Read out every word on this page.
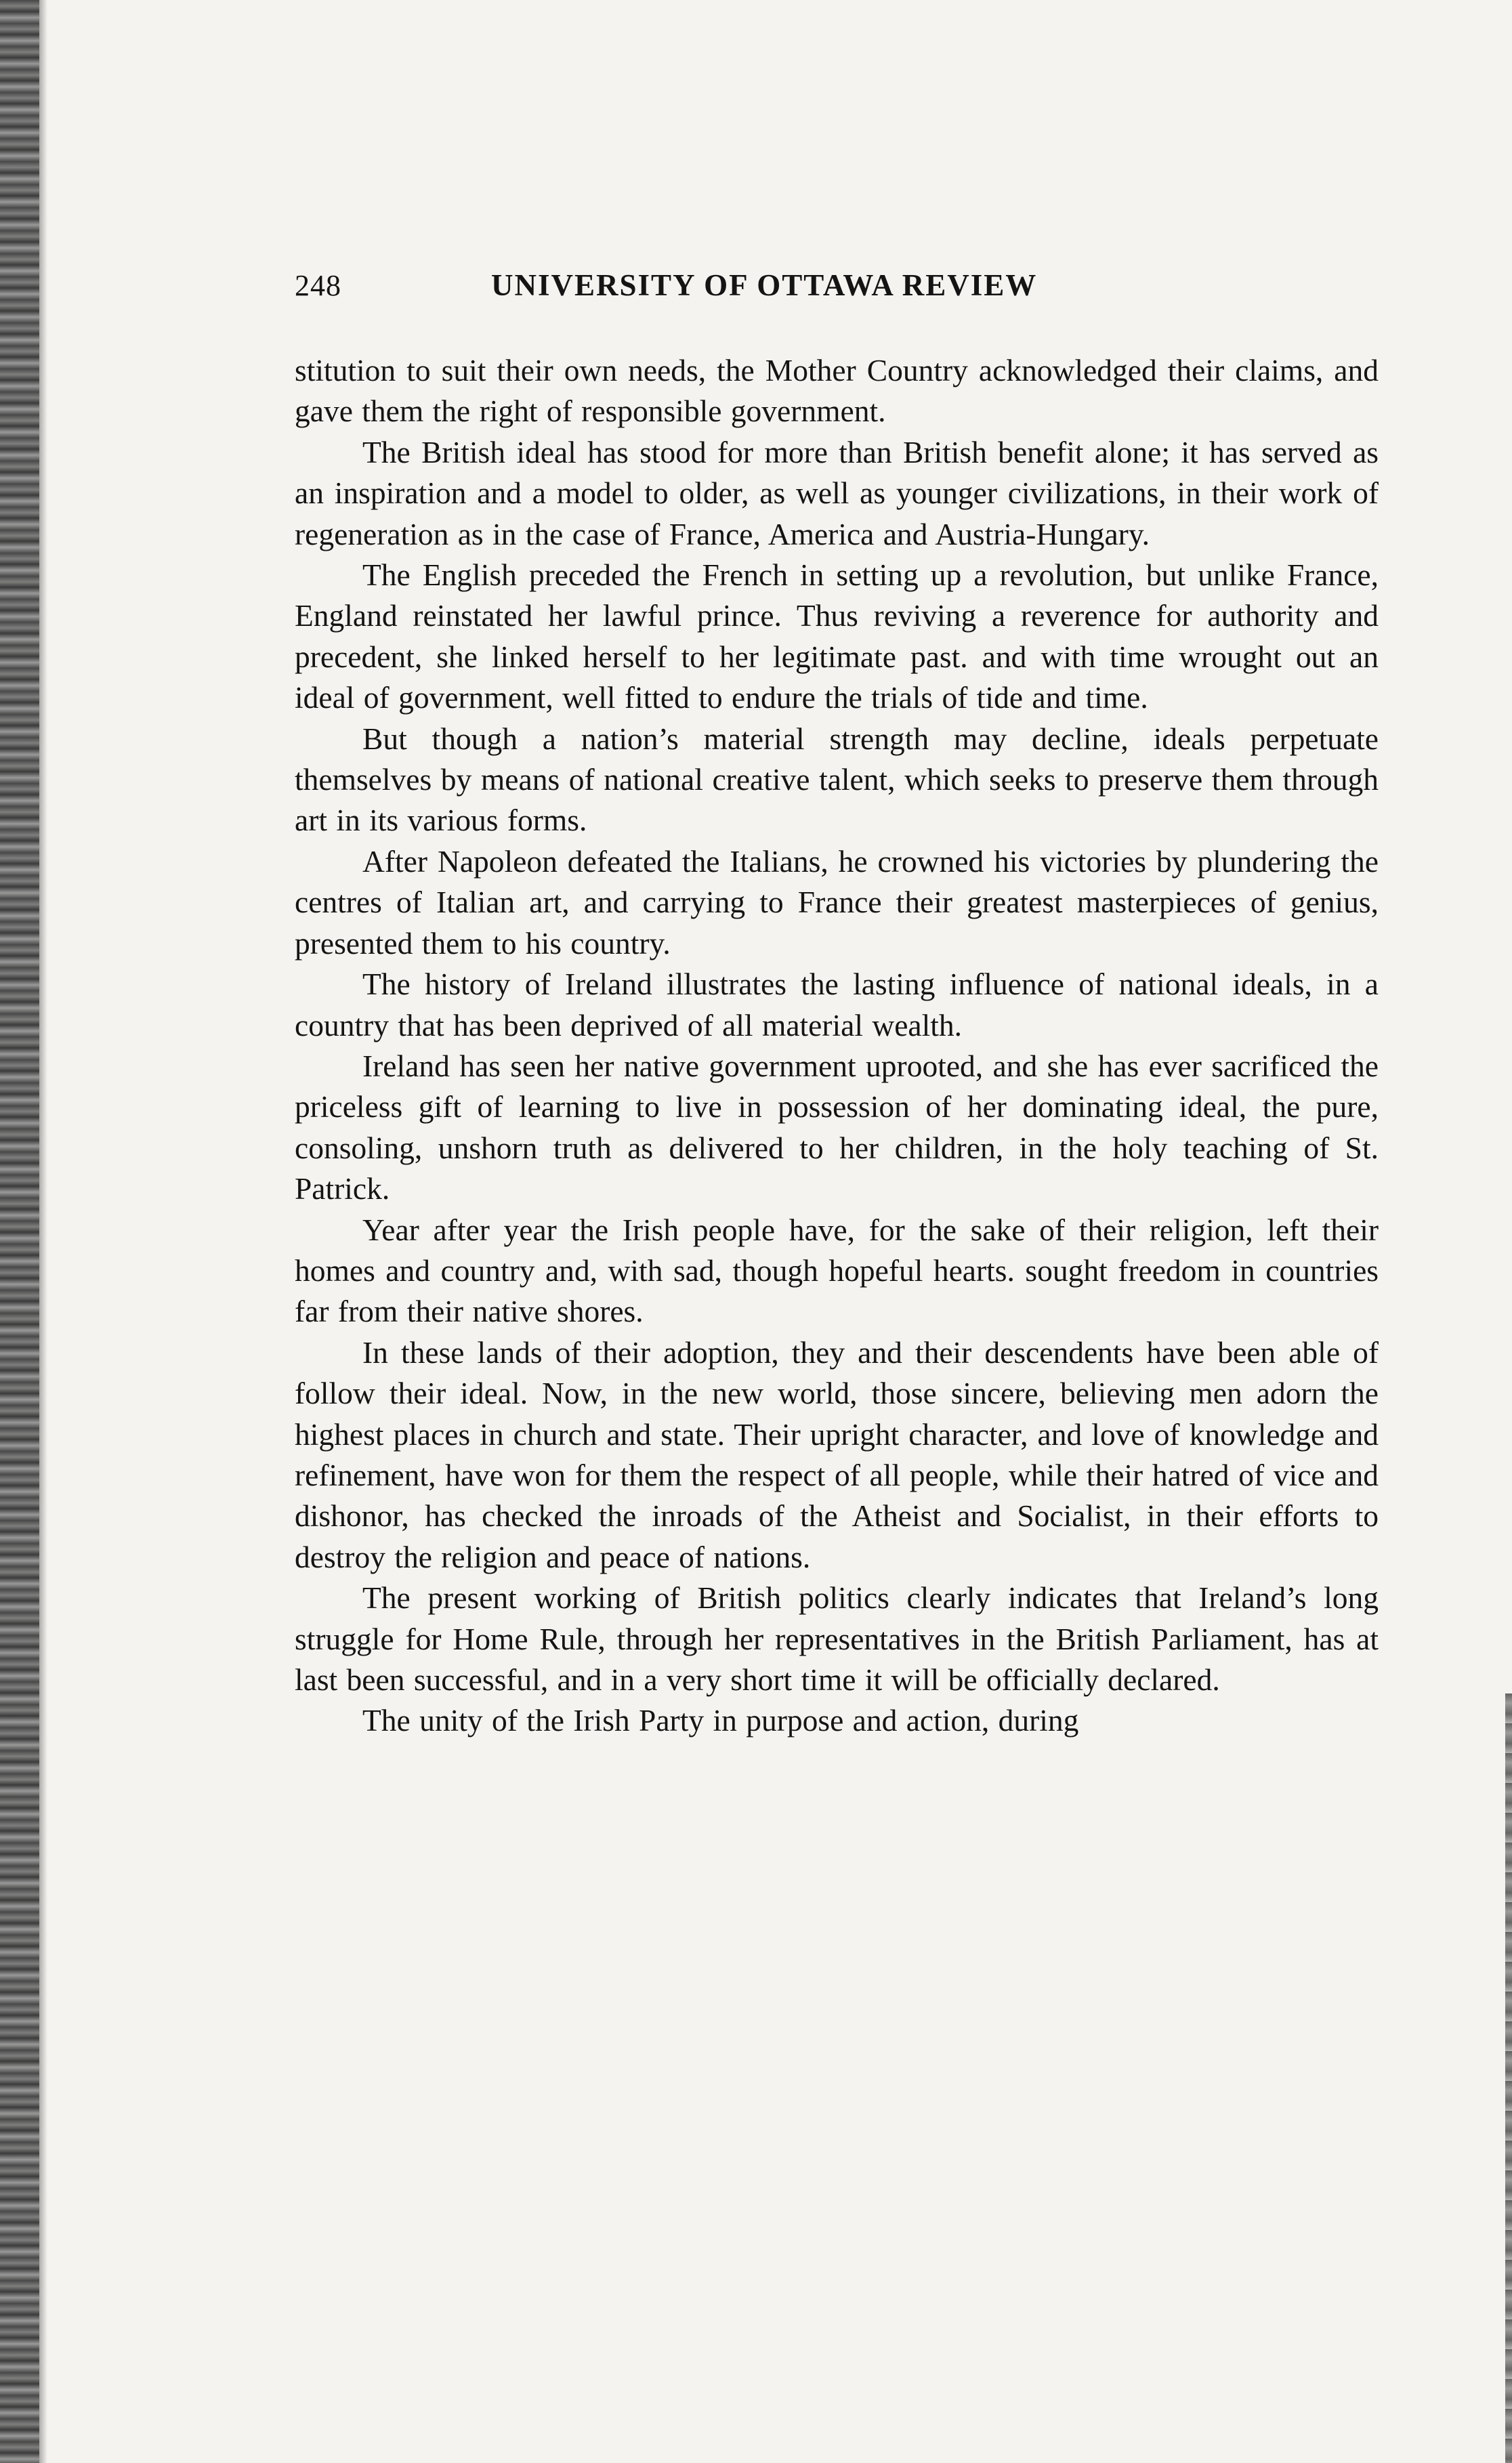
248	UNIVERSITY OF OTTAWA REVIEW

stitution to suit their own needs, the Mother Country acknowledged their claims, and gave them the right of responsible government.

The British ideal has stood for more than British benefit alone; it has served as an inspiration and a model to older, as well as younger civilizations, in their work of regeneration as in the case of France, America and Austria-Hungary.

The English preceded the French in setting up a revolution, but unlike France, England reinstated her lawful prince. Thus reviving a reverence for authority and precedent, she linked herself to her legitimate past. and with time wrought out an ideal of government, well fitted to endure the trials of tide and time.

But though a nation’s material strength may decline, ideals perpetuate themselves by means of national creative talent, which seeks to preserve them through art in its various forms.

After Napoleon defeated the Italians, he crowned his victories by plundering the centres of Italian art, and carrying to France their greatest masterpieces of genius, presented them to his country.

The history of Ireland illustrates the lasting influence of national ideals, in a country that has been deprived of all material wealth.

Ireland has seen her native government uprooted, and she has ever sacrificed the priceless gift of learning to live in possession of her dominating ideal, the pure, consoling, unshorn truth as delivered to her children, in the holy teaching of St. Patrick.

Year after year the Irish people have, for the sake of their religion, left their homes and country and, with sad, though hopeful hearts. sought freedom in countries far from their native shores.

In these lands of their adoption, they and their descendents have been able of follow their ideal. Now, in the new world, those sincere, believing men adorn the highest places in church and state. Their upright character, and love of knowledge and refinement, have won for them the respect of all people, while their hatred of vice and dishonor, has checked the inroads of the Atheist and Socialist, in their efforts to destroy the religion and peace of nations.

The present working of British politics clearly indicates that Ireland’s long struggle for Home Rule, through her representatives in the British Parliament, has at last been successful, and in a very short time it will be officially declared.

The unity of the Irish Party in purpose and action, during
